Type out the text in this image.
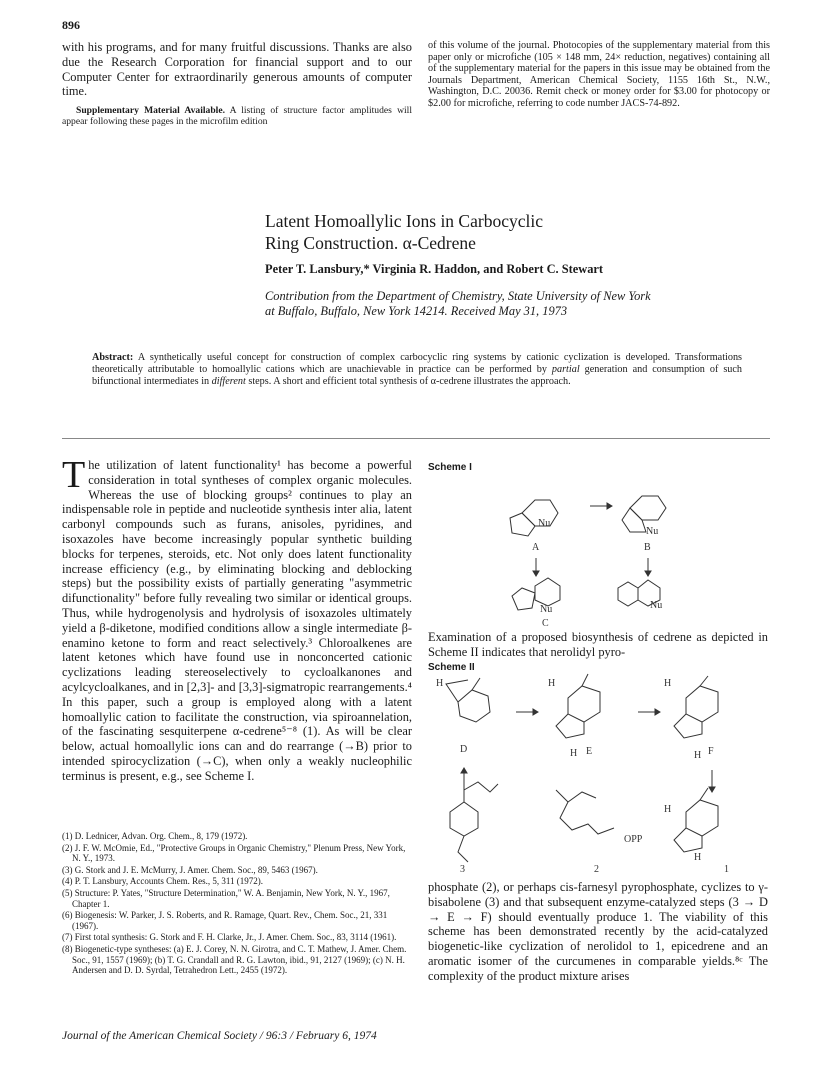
896

with his programs, and for many fruitful discussions. Thanks are also due the Research Corporation for financial support and to our Computer Center for extraordinarily generous amounts of computer time.

Supplementary Material Available. A listing of structure factor amplitudes will appear following these pages in the microfilm edition

of this volume of the journal. Photocopies of the supplementary material from this paper only or microfiche (105 × 148 mm, 24× reduction, negatives) containing all of the supplementary material for the papers in this issue may be obtained from the Journals Department, American Chemical Society, 1155 16th St., N.W., Washington, D.C. 20036. Remit check or money order for $3.00 for photocopy or $2.00 for microfiche, referring to code number JACS-74-892.

Latent Homoallylic Ions in Carbocyclic
Ring Construction. α-Cedrene
Peter T. Lansbury,* Virginia R. Haddon, and Robert C. Stewart
Contribution from the Department of Chemistry, State University of New York
at Buffalo, Buffalo, New York 14214. Received May 31, 1973
Abstract: A synthetically useful concept for construction of complex carbocyclic ring systems by cationic cyclization is developed. Transformations theoretically attributable to homoallylic cations which are unachievable in practice can be performed by partial generation and consumption of such bifunctional intermediates in different steps. A short and efficient total synthesis of α-cedrene illustrates the approach.

The utilization of latent functionality¹ has become a powerful consideration in total syntheses of complex organic molecules. Whereas the use of blocking groups² continues to play an indispensable role in peptide and nucleotide synthesis inter alia, latent carbonyl compounds such as furans, anisoles, pyridines, and isoxazoles have become increasingly popular synthetic building blocks for terpenes, steroids, etc. Not only does latent functionality increase efficiency (e.g., by eliminating blocking and deblocking steps) but the possibility exists of partially generating "asymmetric difunctionality" before fully revealing two similar or identical groups. Thus, while hydrogenolysis and hydrolysis of isoxazoles ultimately yield a β-diketone, modified conditions allow a single intermediate β-enamino ketone to form and react selectively.³ Chloroalkenes are latent ketones which have found use in nonconcerted cationic cyclizations leading stereoselectively to cycloalkanones and acylcycloalkanes, and in [2,3]- and [3,3]-sigmatropic rearrangements.⁴ In this paper, such a group is employed along with a latent homoallylic cation to facilitate the construction, via spiroannelation, of the fascinating sesquiterpene α-cedrene⁵⁻⁸ (1). As will be clear below, actual homoallylic ions can and do rearrange (→B) prior to intended spirocyclization (→C), when only a weakly nucleophilic terminus is present, e.g., see Scheme I.

(1) D. Lednicer, Advan. Org. Chem., 8, 179 (1972).

(2) J. F. W. McOmie, Ed., "Protective Groups in Organic Chemistry," Plenum Press, New York, N. Y., 1973.

(3) G. Stork and J. E. McMurry, J. Amer. Chem. Soc., 89, 5463 (1967).

(4) P. T. Lansbury, Accounts Chem. Res., 5, 311 (1972).

(5) Structure: P. Yates, "Structure Determination," W. A. Benjamin, New York, N. Y., 1967, Chapter 1.

(6) Biogenesis: W. Parker, J. S. Roberts, and R. Ramage, Quart. Rev., Chem. Soc., 21, 331 (1967).

(7) First total synthesis: G. Stork and F. H. Clarke, Jr., J. Amer. Chem. Soc., 83, 3114 (1961).

(8) Biogenetic-type syntheses: (a) E. J. Corey, N. N. Girotra, and C. T. Mathew, J. Amer. Chem. Soc., 91, 1557 (1969); (b) T. G. Crandall and R. G. Lawton, ibid., 91, 2127 (1969); (c) N. H. Andersen and D. D. Syrdal, Tetrahedron Lett., 2455 (1972).

Scheme I
Nu
Nu
Nu	Nu
A	B
C

Examination of a proposed biosynthesis of cedrene as depicted in Scheme II indicates that nerolidyl pyro-

Scheme II
H	H	H
H	H
D	E	F
H
H
OPP
3	2	1

phosphate (2), or perhaps cis-farnesyl pyrophosphate, cyclizes to γ-bisabolene (3) and that subsequent enzyme-catalyzed steps (3 → D → E → F) should eventually produce 1. The viability of this scheme has been demonstrated recently by the acid-catalyzed biogenetic-like cyclization of nerolidol to 1, epicedrene and an aromatic isomer of the curcumenes in comparable yields.⁸ᶜ The complexity of the product mixture arises

Journal of the American Chemical Society / 96:3 / February 6, 1974
